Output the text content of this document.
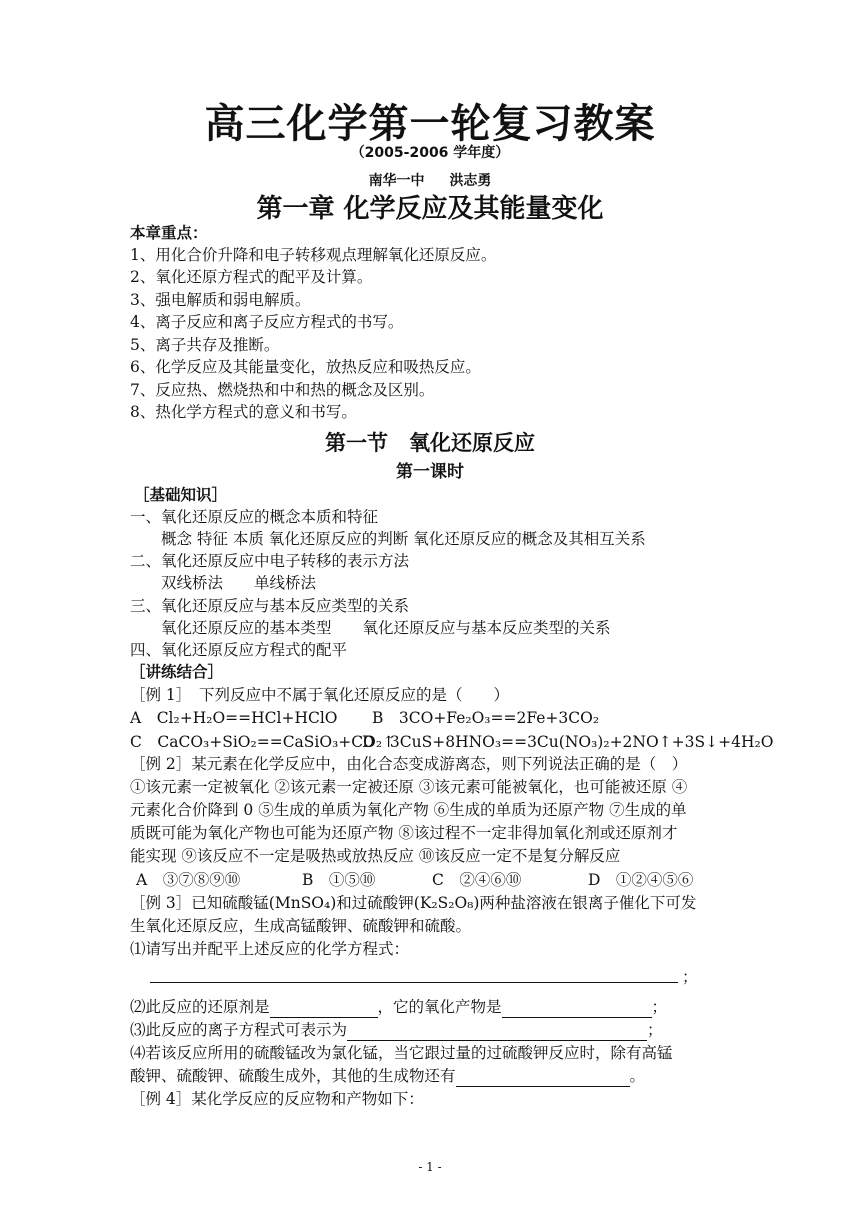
高三化学第一轮复习教案
（2005-2006 学年度）
南华一中 洪志勇
第一章 化学反应及其能量变化
本章重点：
1、用化合价升降和电子转移观点理解氧化还原反应。
2、氧化还原方程式的配平及计算。
3、强电解质和弱电解质。
4、离子反应和离子反应方程式的书写。
5、离子共存及推断。
6、化学反应及其能量变化，放热反应和吸热反应。
7、反应热、燃烧热和中和热的概念及区别。
8、热化学方程式的意义和书写。
第一节　氧化还原反应
第一课时
［基础知识］
一、氧化还原反应的概念本质和特征
　　概念 特征 本质 氧化还原反应的判断 氧化还原反应的概念及其相互关系
二、氧化还原反应中电子转移的表示方法
　　双线桥法　　单线桥法
三、氧化还原反应与基本反应类型的关系
　　氧化还原反应的基本类型　　氧化还原反应与基本反应类型的关系
四、氧化还原反应方程式的配平
［讲练结合］
［例 1］　下列反应中不属于氧化还原反应的是（　　）
A　Cl₂+H₂O==HCl+HClO B　3CO+Fe₂O₃==2Fe+3CO₂
C　CaCO₃+SiO₂==CaSiO₃+CO₂↑
D　3CuS+8HNO₃==3Cu(NO₃)₂+2NO↑+3S↓+4H₂O
［例 2］某元素在化学反应中，由化合态变成游离态，则下列说法正确的是（　）
①该元素一定被氧化 ②该元素一定被还原 ③该元素可能被氧化，也可能被还原 ④
元素化合价降到 0 ⑤生成的单质为氧化产物 ⑥生成的单质为还原产物 ⑦生成的单
质既可能为氧化产物也可能为还原产物 ⑧该过程不一定非得加氧化剂或还原剂才
能实现 ⑨该反应不一定是吸热或放热反应 ⑩该反应一定不是复分解反应
A　③⑦⑧⑨⑩	B　①⑤⑩	C　②④⑥⑩	D　①②④⑤⑥
［例 3］已知硫酸锰(MnSO₄)和过硫酸钾(K₂S₂O₈)两种盐溶液在银离子催化下可发
生氧化还原反应，生成高锰酸钾、硫酸钾和硫酸。
⑴请写出并配平上述反应的化学方程式：
；
⑵此反应的还原剂是	，它的氧化产物是	；
⑶此反应的离子方程式可表示为	；
⑷若该反应所用的硫酸锰改为氯化锰，当它跟过量的过硫酸钾反应时，除有高锰
酸钾、硫酸钾、硫酸生成外，其他的生成物还有	。
［例 4］某化学反应的反应物和产物如下：
- 1 -
